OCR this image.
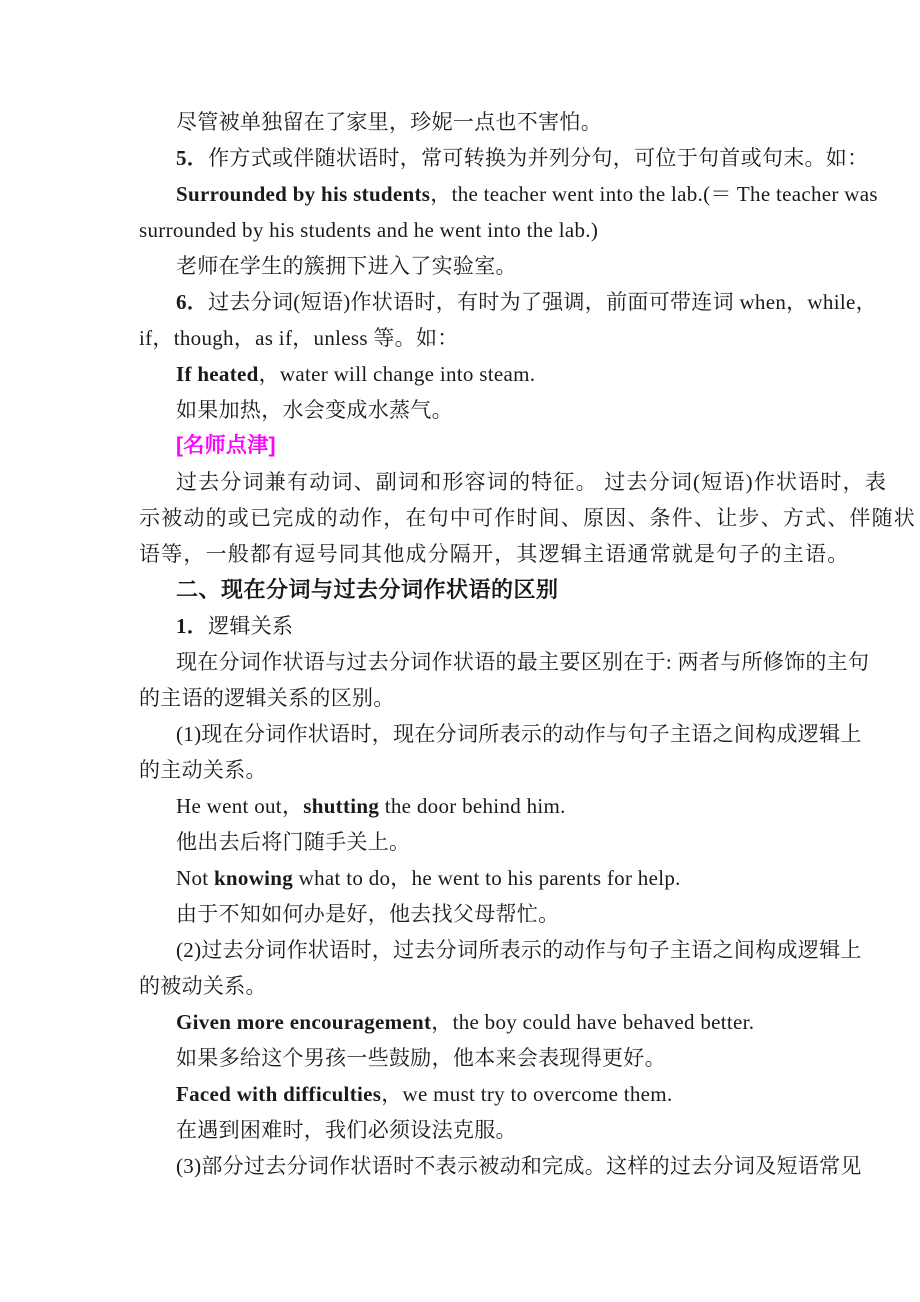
尽管被单独留在了家里，珍妮一点也不害怕。
5．作方式或伴随状语时，常可转换为并列分句，可位于句首或句末。如：
Surrounded by his students，the teacher went into the lab.(＝ The teacher was
surrounded by his students and he went into the lab.)
老师在学生的簇拥下进入了实验室。
6．过去分词(短语)作状语时，有时为了强调，前面可带连词 when，while，
if，though，as if，unless 等。如：
If heated，water will change into steam.
如果加热，水会变成水蒸气。
[名师点津]
过去分词兼有动词、副词和形容词的特征。 过去分词(短语)作状语时，表
示被动的或已完成的动作，在句中可作时间、原因、条件、让步、方式、伴随状
语等，一般都有逗号同其他成分隔开，其逻辑主语通常就是句子的主语。
二、现在分词与过去分词作状语的区别
1．逻辑关系
现在分词作状语与过去分词作状语的最主要区别在于: 两者与所修饰的主句
的主语的逻辑关系的区别。
(1)现在分词作状语时，现在分词所表示的动作与句子主语之间构成逻辑上
的主动关系。
He went out，shutting the door behind him.
他出去后将门随手关上。
Not knowing what to do，he went to his parents for help.
由于不知如何办是好，他去找父母帮忙。
(2)过去分词作状语时，过去分词所表示的动作与句子主语之间构成逻辑上
的被动关系。
Given more encouragement，the boy could have behaved better.
如果多给这个男孩一些鼓励，他本来会表现得更好。
Faced with difficulties，we must try to overcome them.
在遇到困难时，我们必须设法克服。
(3)部分过去分词作状语时不表示被动和完成。这样的过去分词及短语常见
